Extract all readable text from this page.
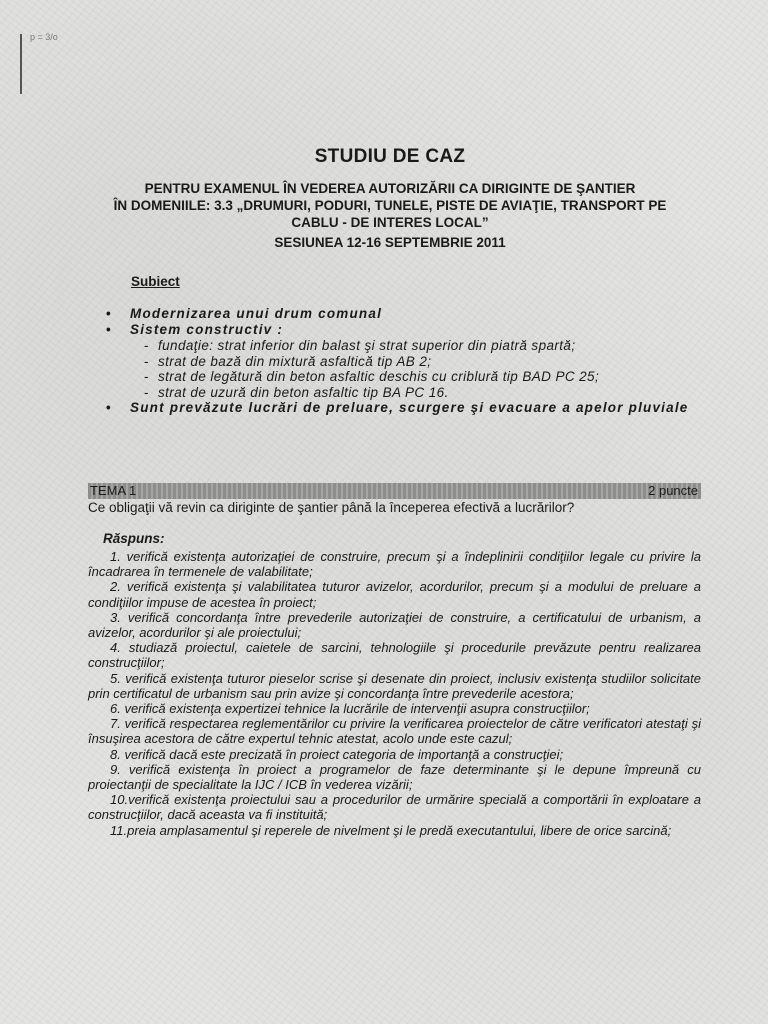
p = 3/o
STUDIU DE CAZ
PENTRU EXAMENUL ÎN VEDEREA AUTORIZĂRII CA DIRIGINTE DE ŞANTIER
ÎN DOMENIILE: 3.3 „DRUMURI, PODURI, TUNELE, PISTE DE AVIAŢIE, TRANSPORT PE
CABLU - DE INTERES LOCAL”
SESIUNEA 12-16 SEPTEMBRIE 2011
Subiect
• Modernizarea unui drum comunal
• Sistem constructiv :
- fundaţie: strat inferior din balast şi strat superior din piatră spartă;
- strat de bază din mixtură asfaltică tip AB 2;
- strat de legătură din beton asfaltic deschis cu criblură tip BAD PC 25;
- strat de uzură din beton asfaltic tip BA PC 16.
• Sunt prevăzute lucrări de preluare, scurgere şi evacuare a apelor pluviale
TEMA 1	2 puncte
Ce obligaţii vă revin ca diriginte de şantier până la începerea efectivă a lucrărilor?
Răspuns:

1. verifică existenţa autorizaţiei de construire, precum şi a îndeplinirii condiţiilor legale cu privire la încadrarea în termenele de valabilitate;

2. verifică existenţa şi valabilitatea tuturor avizelor, acordurilor, precum şi a modului de preluare a condiţiilor impuse de acestea în proiect;

3. verifică concordanţa între prevederile autorizaţiei de construire, a certificatului de urbanism, a avizelor, acordurilor şi ale proiectului;

4. studiază proiectul, caietele de sarcini, tehnologiile şi procedurile prevăzute pentru realizarea construcţiilor;

5. verifică existenţa tuturor pieselor scrise şi desenate din proiect, inclusiv existenţa studiilor solicitate prin certificatul de urbanism sau prin avize şi concordanţa între prevederile acestora;

6. verifică existenţa expertizei tehnice la lucrările de intervenţii asupra construcţiilor;

7. verifică respectarea reglementărilor cu privire la verificarea proiectelor de către verificatori atestaţi şi însuşirea acestora de către expertul tehnic atestat, acolo unde este cazul;

8. verifică dacă este precizată în proiect categoria de importanţă a construcţiei;

9. verifică existenţa în proiect a programelor de faze determinante şi le depune împreună cu proiectanţii de specialitate la IJC / ICB în vederea vizării;

10.verifică existenţa proiectului sau a procedurilor de urmărire specială a comportării în exploatare a construcţiilor, dacă aceasta va fi instituită;

11.preia amplasamentul şi reperele de nivelment şi le predă executantului, libere de orice sarcină;
